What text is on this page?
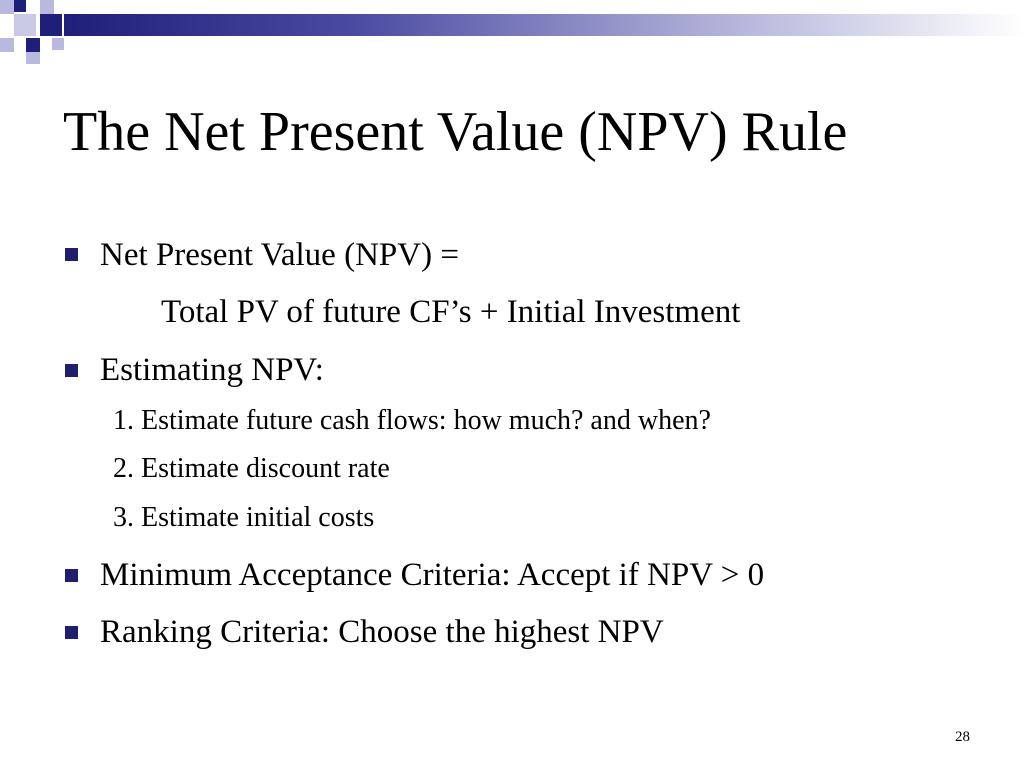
The Net Present Value (NPV) Rule
Net Present Value (NPV) =
Total PV of future CF’s + Initial Investment
Estimating NPV:
1. Estimate future cash flows: how much? and when?
2. Estimate discount rate
3. Estimate initial costs
Minimum Acceptance Criteria: Accept if NPV > 0
Ranking Criteria: Choose the highest NPV
28
